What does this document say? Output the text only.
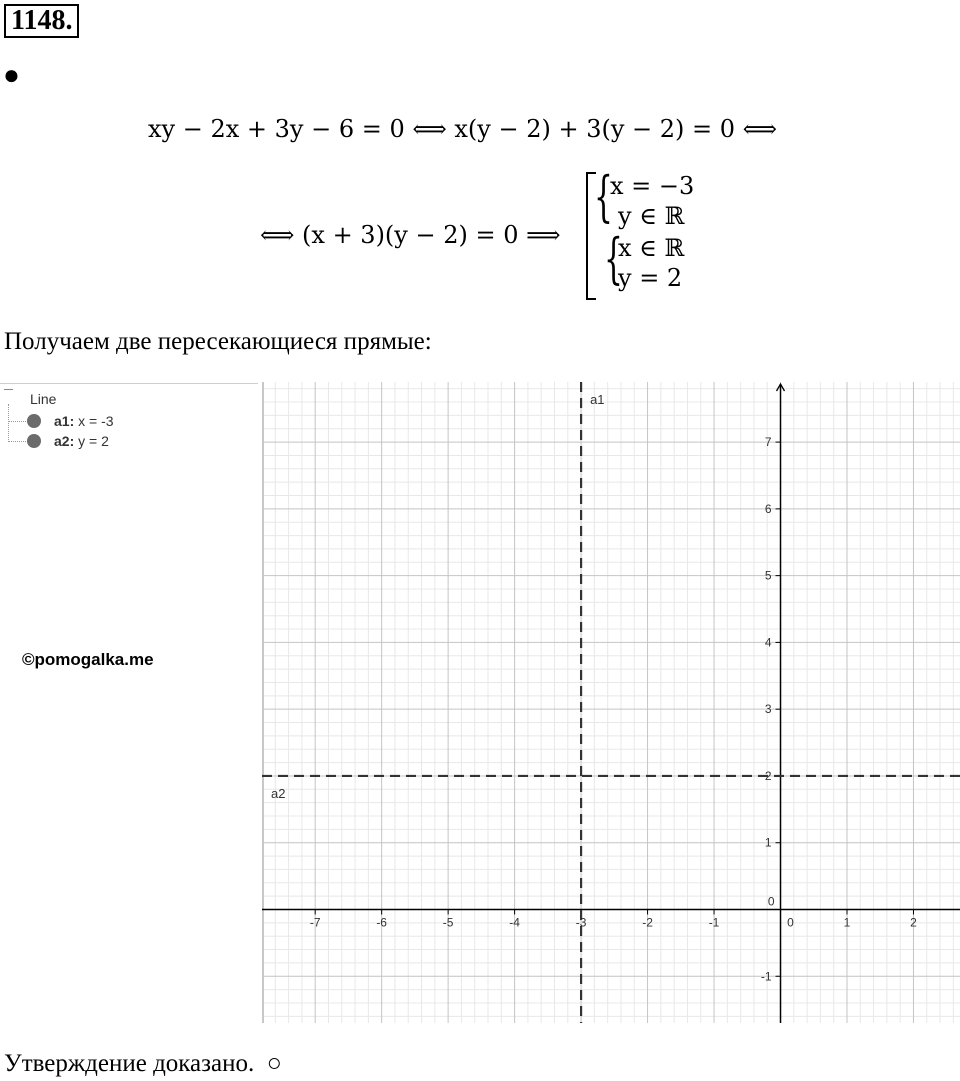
1148.
●
xy − 2x + 3y − 6 = 0 ⟺ x(y − 2) + 3(y − 2) = 0 ⟺
⟺ (x + 3)(y − 2) = 0 ⟹
{
x = −3
y ∈ ℝ
{
x ∈ ℝ
y = 2
Получаем две пересекающиеся прямые:
Line
a1: x = -3
a2: y = 2
©pomogalka.me
-7	-6	-5	-4	-3	-2	-1	0	1	2
-1
0
1
2
3
4
5
6
7
a1
a2
Утверждение доказано. ○
